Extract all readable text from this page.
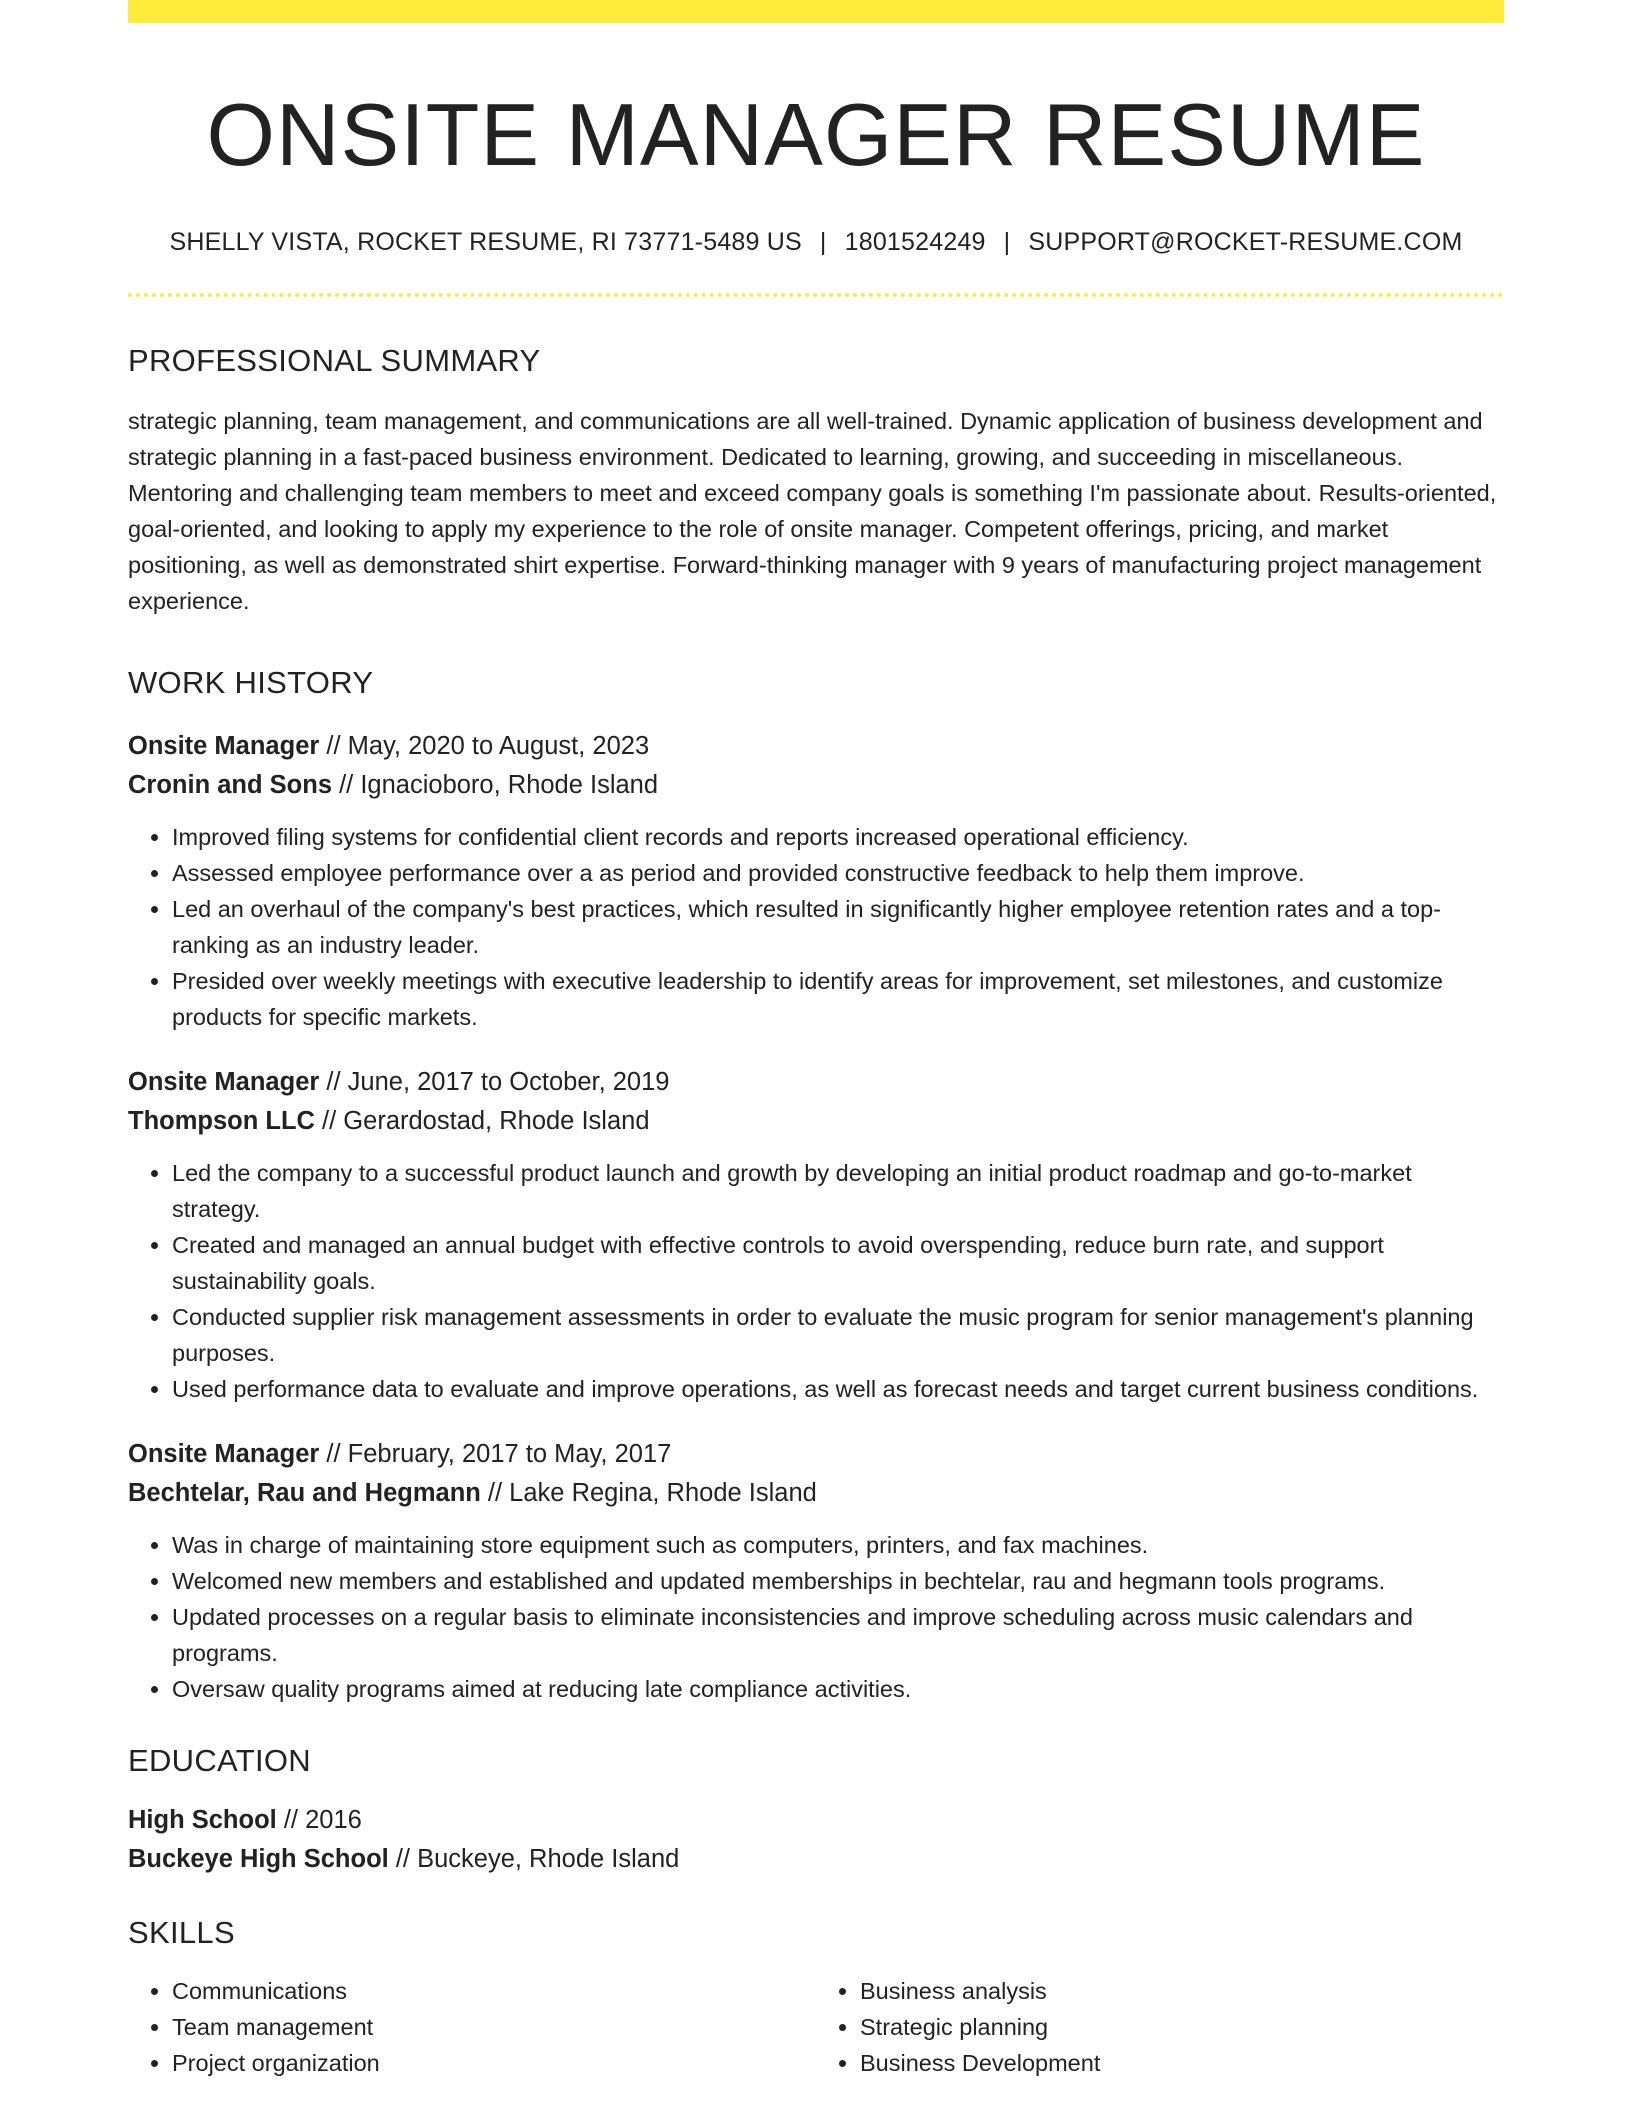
ONSITE MANAGER RESUME
SHELLY VISTA, ROCKET RESUME, RI 73771-5489 US | 1801524249 | SUPPORT@ROCKET-RESUME.COM
PROFESSIONAL SUMMARY

strategic planning, team management, and communications are all well-trained. Dynamic application of business development and strategic planning in a fast-paced business environment. Dedicated to learning, growing, and succeeding in miscellaneous. Mentoring and challenging team members to meet and exceed company goals is something I'm passionate about. Results-oriented, goal-oriented, and looking to apply my experience to the role of onsite manager. Competent offerings, pricing, and market positioning, as well as demonstrated shirt expertise. Forward-thinking manager with 9 years of manufacturing project management experience.

WORK HISTORY
Onsite Manager // May, 2020 to August, 2023
Cronin and Sons // Ignacioboro, Rhode Island
• Improved filing systems for confidential client records and reports increased operational efficiency.
• Assessed employee performance over a as period and provided constructive feedback to help them improve.
• Led an overhaul of the company's best practices, which resulted in significantly higher employee retention rates and a top-ranking as an industry leader.
• Presided over weekly meetings with executive leadership to identify areas for improvement, set milestones, and customize products for specific markets.
Onsite Manager // June, 2017 to October, 2019
Thompson LLC // Gerardostad, Rhode Island
• Led the company to a successful product launch and growth by developing an initial product roadmap and go-to-market strategy.
• Created and managed an annual budget with effective controls to avoid overspending, reduce burn rate, and support sustainability goals.
• Conducted supplier risk management assessments in order to evaluate the music program for senior management's planning purposes.
• Used performance data to evaluate and improve operations, as well as forecast needs and target current business conditions.
Onsite Manager // February, 2017 to May, 2017
Bechtelar, Rau and Hegmann // Lake Regina, Rhode Island
• Was in charge of maintaining store equipment such as computers, printers, and fax machines.
• Welcomed new members and established and updated memberships in bechtelar, rau and hegmann tools programs.
• Updated processes on a regular basis to eliminate inconsistencies and improve scheduling across music calendars and programs.
• Oversaw quality programs aimed at reducing late compliance activities.
EDUCATION
High School // 2016
Buckeye High School // Buckeye, Rhode Island
SKILLS
• Communications
• Team management
• Project organization
• Business analysis
• Strategic planning
• Business Development
